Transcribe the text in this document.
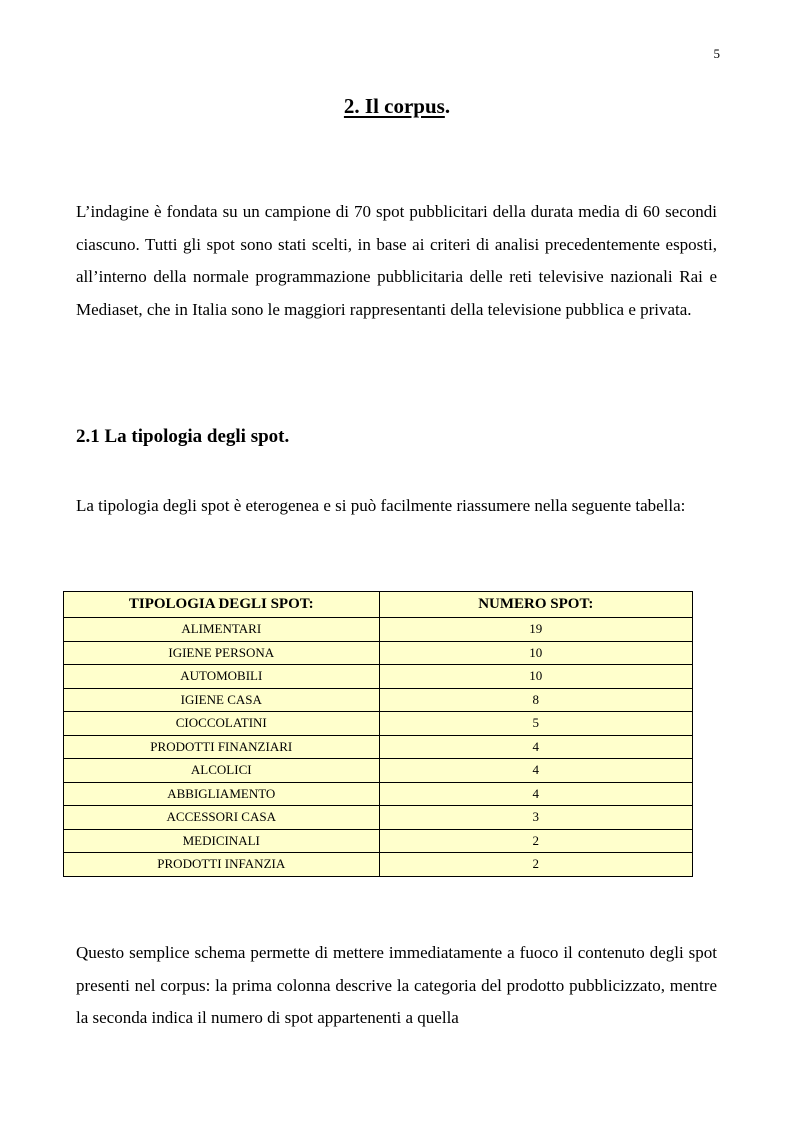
5
2. Il corpus.

L’indagine è fondata su un campione di 70 spot pubblicitari della durata media di 60 secondi ciascuno. Tutti gli spot sono stati scelti, in base ai criteri di analisi precedentemente esposti, all’interno della normale programmazione pubblicitaria delle reti televisive nazionali Rai e Mediaset, che in Italia sono le maggiori rappresentanti della televisione pubblica e privata.

2.1 La tipologia degli spot.

La tipologia degli spot è eterogenea e si può facilmente riassumere nella seguente tabella:

TIPOLOGIA DEGLI SPOT:	NUMERO SPOT:
ALIMENTARI	19
IGIENE PERSONA	10
AUTOMOBILI	10
IGIENE CASA	8
CIOCCOLATINI	5
PRODOTTI FINANZIARI	4
ALCOLICI	4
ABBIGLIAMENTO	4
ACCESSORI CASA	3
MEDICINALI	2
PRODOTTI INFANZIA	2

Questo semplice schema permette di mettere immediatamente a fuoco il contenuto degli spot presenti nel corpus: la prima colonna descrive la categoria del prodotto pubblicizzato, mentre la seconda indica il numero di spot appartenenti a quella
